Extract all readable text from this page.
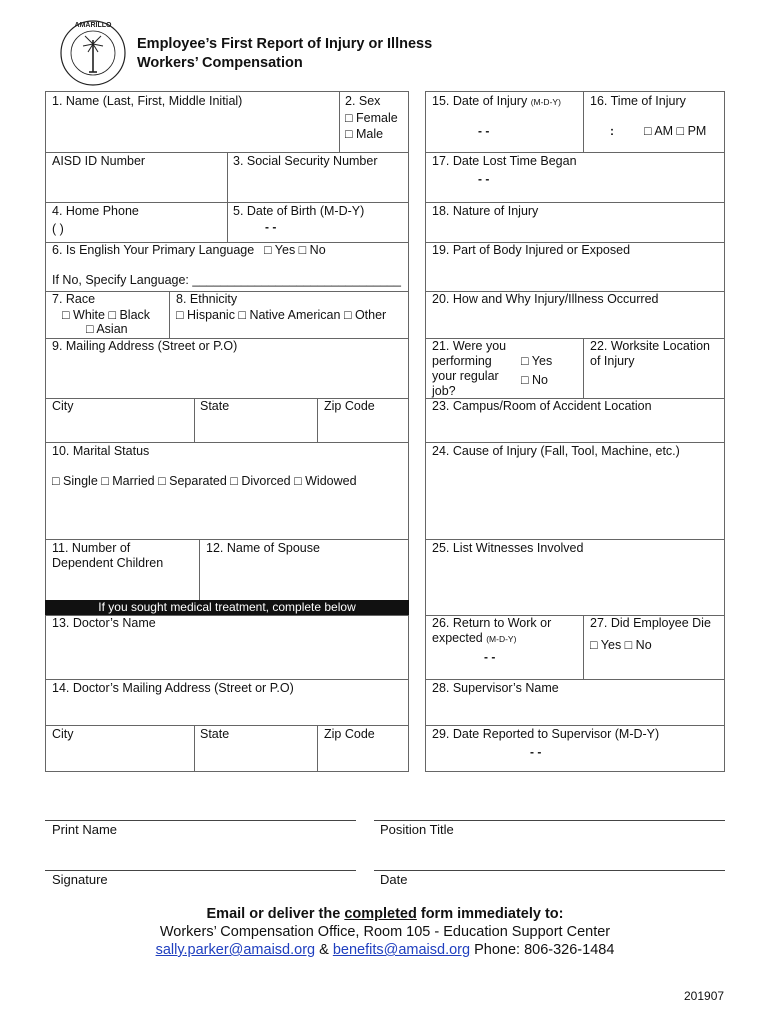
AMARILLO
Employee’s First Report of Injury or Illness
Workers’ Compensation
1. Name (Last, First, Middle Initial)	2. Sex
□ Female
□ Male
AISD ID Number	3. Social Security Number
4. Home Phone
( )
5. Date of Birth (M-D-Y)
- -
6. Is English Your Primary Language □ Yes □ No
If No, Specify Language: ______________________________
7. Race
□ White □ Black
□ Asian
8. Ethnicity
□ Hispanic □ Native American □ Other
9. Mailing Address (Street or P.O)
City	State	Zip Code
10. Marital Status
□ Single □ Married □ Separated □ Divorced □ Widowed
11. Number of
Dependent Children
12. Name of Spouse
If you sought medical treatment, complete below
13. Doctor’s Name
14. Doctor’s Mailing Address (Street or P.O)
City	State	Zip Code
15. Date of Injury (M-D-Y)
- -
16. Time of Injury
: □ AM □ PM
17. Date Lost Time Began
- -
18. Nature of Injury
19. Part of Body Injured or Exposed
20. How and Why Injury/Illness Occurred
21. Were you
performing
your regular
job?
□ Yes
□ No
22. Worksite Location
of Injury
23. Campus/Room of Accident Location
24. Cause of Injury (Fall, Tool, Machine, etc.)
25. List Witnesses Involved
26. Return to Work or
expected (M-D-Y)
- -
27. Did Employee Die
□ Yes □ No
28. Supervisor’s Name
29. Date Reported to Supervisor (M-D-Y)
- -
Print Name	Position Title
Signature	Date
Email or deliver the completed form immediately to:
Workers’ Compensation Office, Room 105 - Education Support Center
sally.parker@amaisd.org & benefits@amaisd.org Phone: 806-326-1484
201907
